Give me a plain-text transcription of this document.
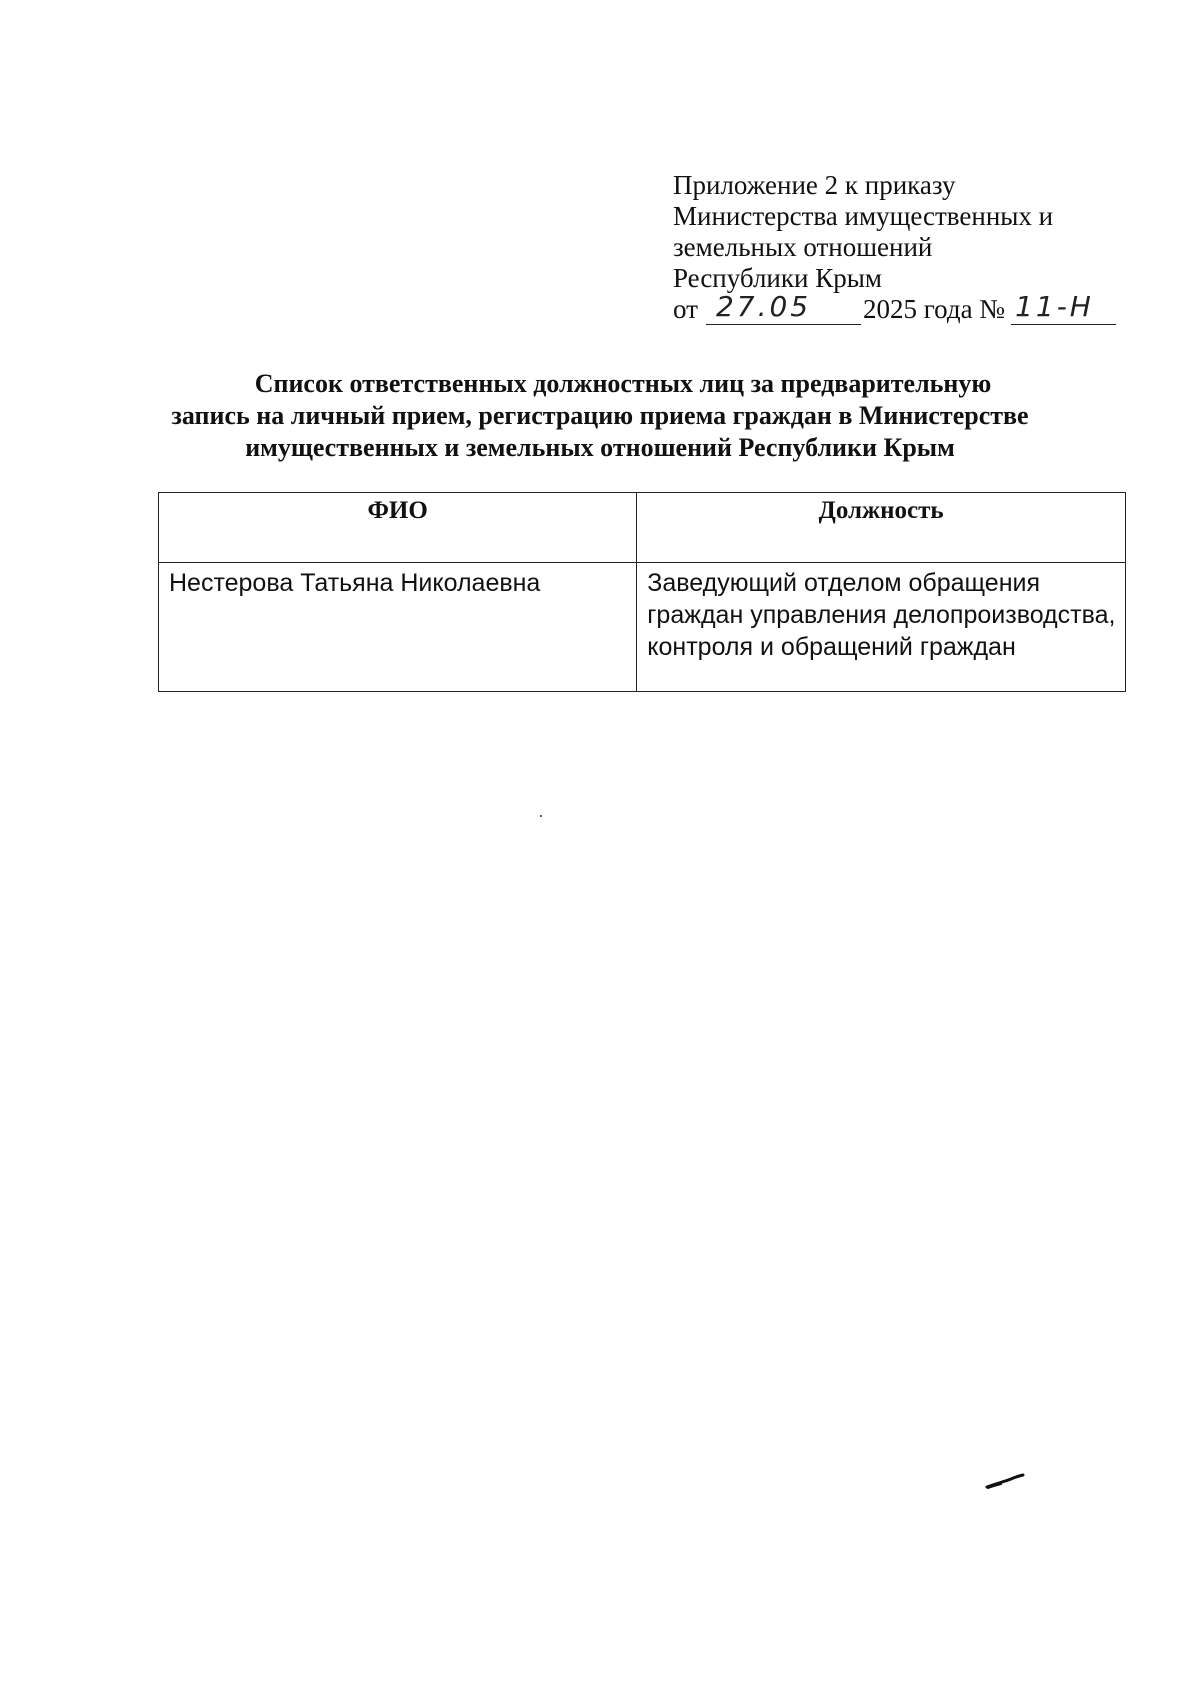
Приложение 2 к приказу
Министерства имущественных и
земельных отношений
Республики Крым
от 27.05 2025 года № 11-Н
Список ответственных должностных лиц за предварительную
запись на личный прием, регистрацию приема граждан в Министерстве
имущественных и земельных отношений Республики Крым
ФИО	Должность
Нестерова Татьяна Николаевна	Заведующий отделом обращения граждан управления делопроизводства, контроля и обращений граждан
